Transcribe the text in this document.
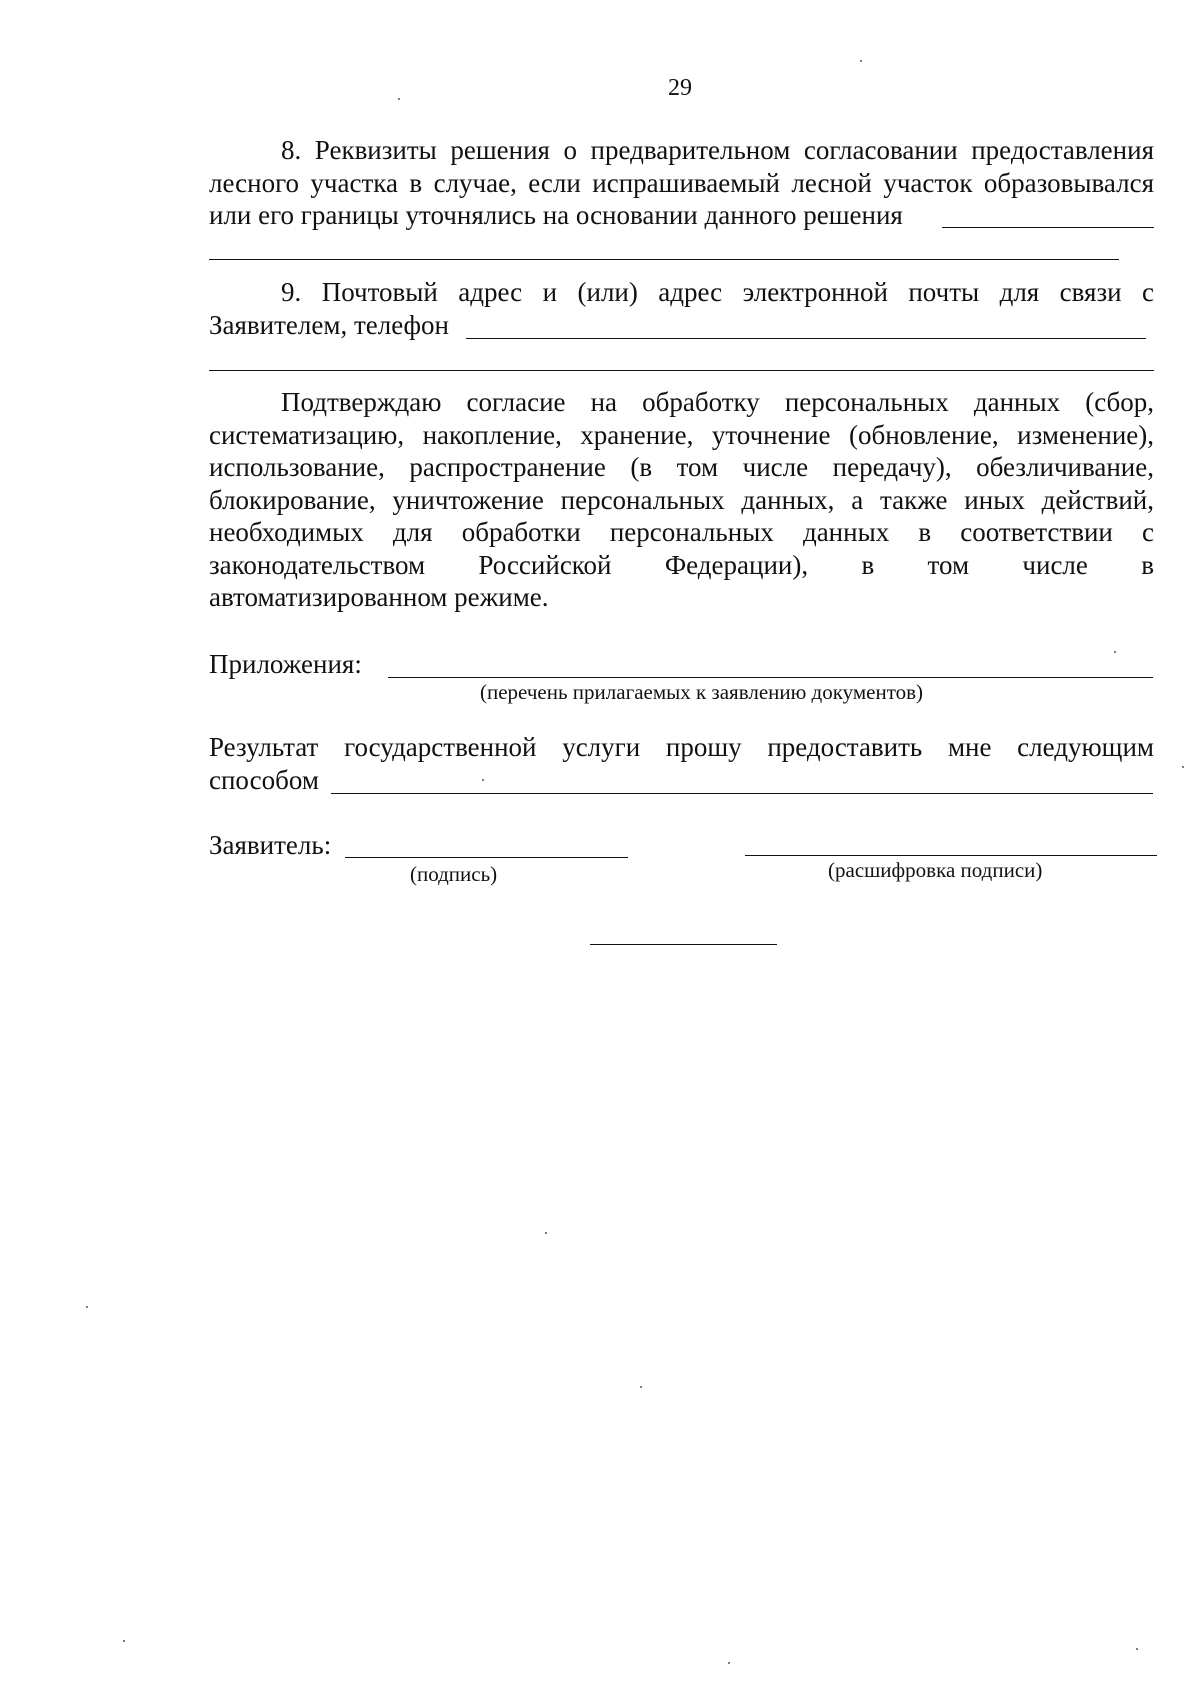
29
8. Реквизиты решения о предварительном согласовании предоставления
лесного участка в случае, если испрашиваемый лесной участок образовывался
или его границы уточнялись на основании данного решения
9. Почтовый адрес и (или) адрес электронной почты для связи с
Заявителем, телефон
Подтверждаю согласие на обработку персональных данных (сбор,
систематизацию, накопление, хранение, уточнение (обновление, изменение),
использование, распространение (в том числе передачу), обезличивание,
блокирование, уничтожение персональных данных, а также иных действий,
необходимых для обработки персональных данных в соответствии с
законодательством Российской Федерации), в том числе в
автоматизированном режиме.
Приложения:
(перечень прилагаемых к заявлению документов)
Результат государственной услуги прошу предоставить мне следующим
способом
Заявитель:
(подпись)	(расшифровка подписи)
